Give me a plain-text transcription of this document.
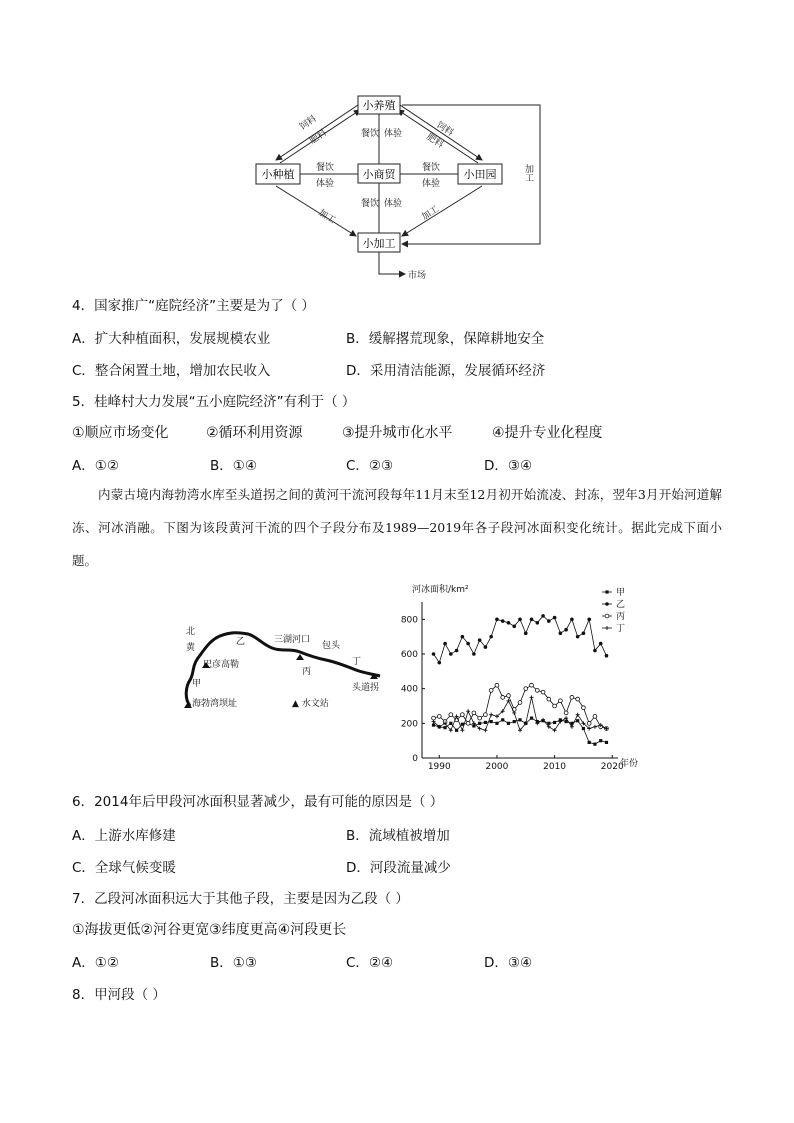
小养殖
小种植	小商贸	小田园
小加工
饲料
肥料	饲料
肥料
餐饮 体验
餐饮
体验
餐饮
体验
餐饮 体验
加工	加工
加工
市场
4．国家推广“庭院经济”主要是为了（ ）
A．扩大种植面积，发展规模农业	B．缓解撂荒现象，保障耕地安全
C．整合闲置土地，增加农民收入	D．采用清洁能源，发展循环经济
5．桂峰村大力发展“五小庭院经济”有利于（ ）
①顺应市场变化	②循环利用资源	③提升城市化水平	④提升专业化程度
A．①②	B．①④	C．②③	D．③④
内蒙古境内海勃湾水库至头道拐之间的黄河干流河段每年11月末至12月初开始流凌、封冻，翌年3月开始河道解冻、河冰消融。下图为该段黄河干流的四个子段分布及1989—2019年各子段河冰面积变化统计。据此完成下面小题。
北
黄
巴彦高勒
甲
海勃湾坝址
乙	三湖河口
包头
丙
丁
头道拐
▲ 水文站
0
200
400
600
800
1990	2000	2010	2020
甲
乙
丙
丁
河冰面积/km²
年份
6．2014年后甲段河冰面积显著减少，最有可能的原因是（ ）
A．上游水库修建	B．流域植被增加
C．全球气候变暖	D．河段流量减少
7．乙段河冰面积远大于其他子段，主要是因为乙段（ ）
①海拔更低②河谷更宽③纬度更高④河段更长
A．①②	B．①③	C．②④	D．③④
8．甲河段（ ）
